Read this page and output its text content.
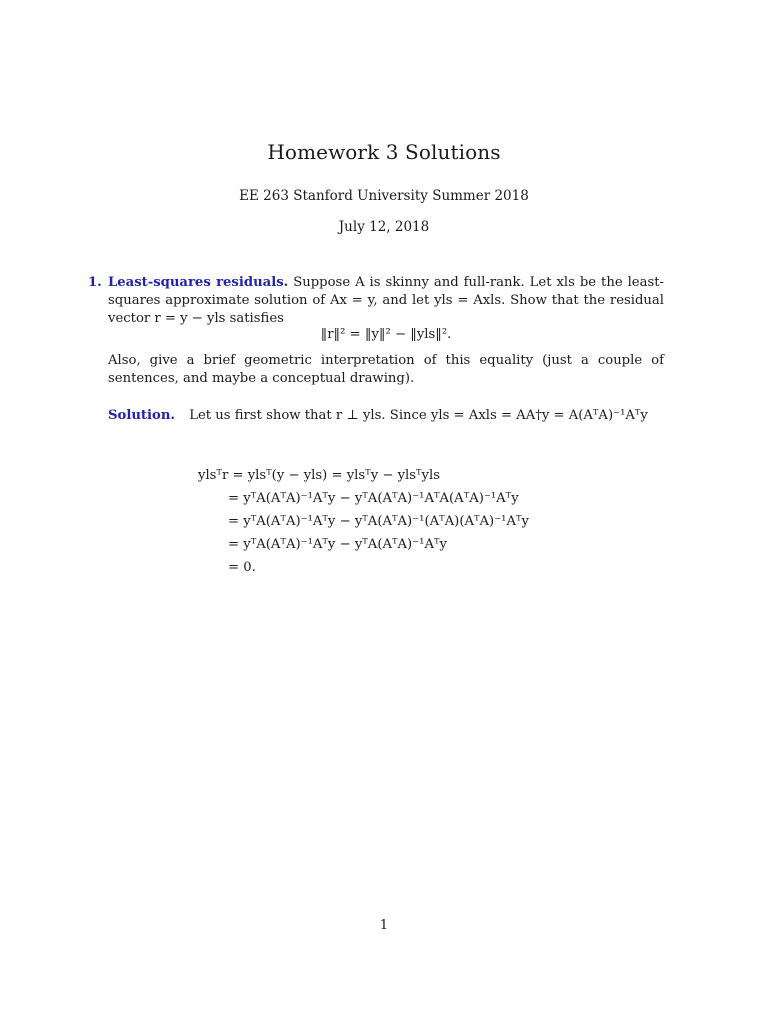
Homework 3 Solutions
EE 263 Stanford University Summer 2018
July 12, 2018
1. Least-squares residuals. Suppose A is skinny and full-rank. Let xls be the least-squares approximate solution of Ax = y, and let yls = Axls. Show that the residual vector r = y − yls satisfies
‖r‖² = ‖y‖² − ‖yls‖².
Also, give a brief geometric interpretation of this equality (just a couple of sentences, and maybe a conceptual drawing).
Solution. Let us first show that r ⊥ yls. Since yls = Axls = AA†y = A(AᵀA)⁻¹Aᵀy
ylsᵀr = ylsᵀ(y − yls) = ylsᵀy − ylsᵀyls
= yᵀA(AᵀA)⁻¹Aᵀy − yᵀA(AᵀA)⁻¹AᵀA(AᵀA)⁻¹Aᵀy
= yᵀA(AᵀA)⁻¹Aᵀy − yᵀA(AᵀA)⁻¹(AᵀA)(AᵀA)⁻¹Aᵀy
= yᵀA(AᵀA)⁻¹Aᵀy − yᵀA(AᵀA)⁻¹Aᵀy
= 0.
1
